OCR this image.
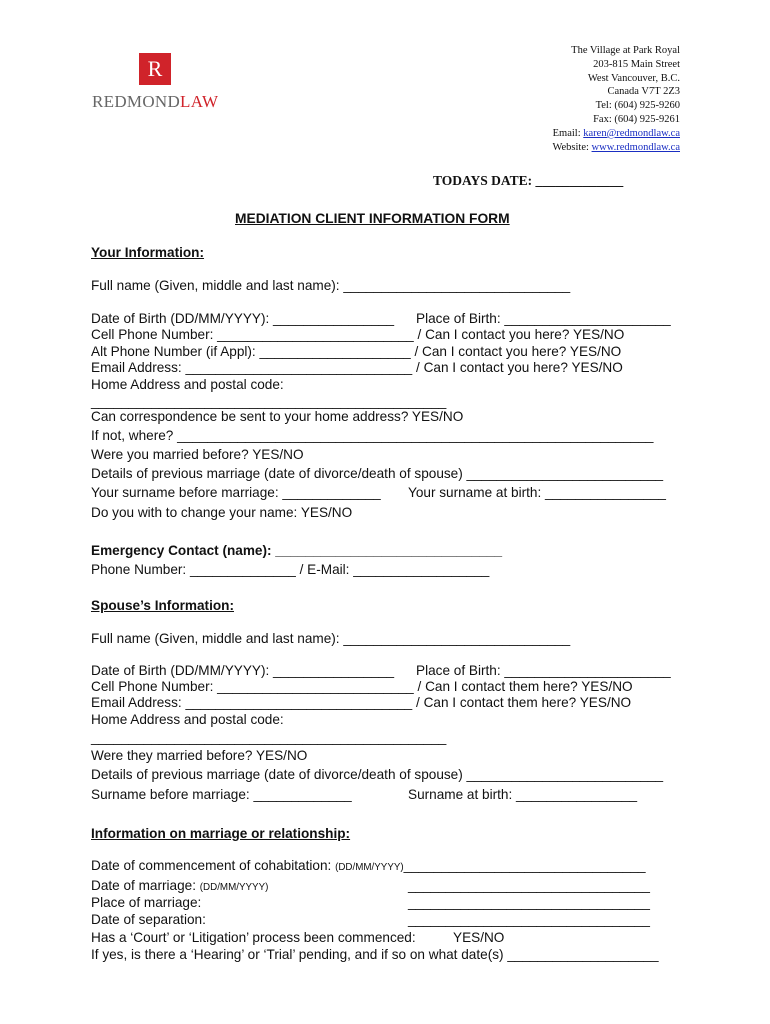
R
REDMONDLAW
The Village at Park Royal
203-815 Main Street
West Vancouver, B.C.
Canada V7T 2Z3
Tel: (604) 925-9260
Fax: (604) 925-9261
Email: karen@redmondlaw.ca
Website: www.redmondlaw.ca
TODAYS DATE: _____________
MEDIATION CLIENT INFORMATION FORM
Your Information:
Full name (Given, middle and last name): ______________________________
Date of Birth (DD/MM/YYYY): ________________ Place of Birth: ______________________
Cell Phone Number: __________________________ / Can I contact you here? YES/NO
Alt Phone Number (if Appl): ____________________ / Can I contact you here? YES/NO
Email Address: ______________________________ / Can I contact you here? YES/NO
Home Address and postal code:
_______________________________________________
Can correspondence be sent to your home address? YES/NO
If not, where? _______________________________________________________________
Were you married before? YES/NO
Details of previous marriage (date of divorce/death of spouse) __________________________
Your surname before marriage: _____________ Your surname at birth: ________________
Do you with to change your name: YES/NO
Emergency Contact (name): ______________________________
Phone Number: ______________ / E-Mail: __________________
Spouse’s Information:
Full name (Given, middle and last name): ______________________________
Date of Birth (DD/MM/YYYY): ________________ Place of Birth: ______________________
Cell Phone Number: __________________________ / Can I contact them here? YES/NO
Email Address: ______________________________ / Can I contact them here? YES/NO
Home Address and postal code:
_______________________________________________
Were they married before? YES/NO
Details of previous marriage (date of divorce/death of spouse) __________________________
Surname before marriage: _____________	Surname at birth: ________________
Information on marriage or relationship:
Date of commencement of cohabitation: (DD/MM/YYYY)________________________________
Date of marriage: (DD/MM/YYYY)	________________________________
Place of marriage:	________________________________
Date of separation:	________________________________
Has a ‘Court’ or ‘Litigation’ process been commenced:	YES/NO
If yes, is there a ‘Hearing’ or ‘Trial’ pending, and if so on what date(s) ____________________
